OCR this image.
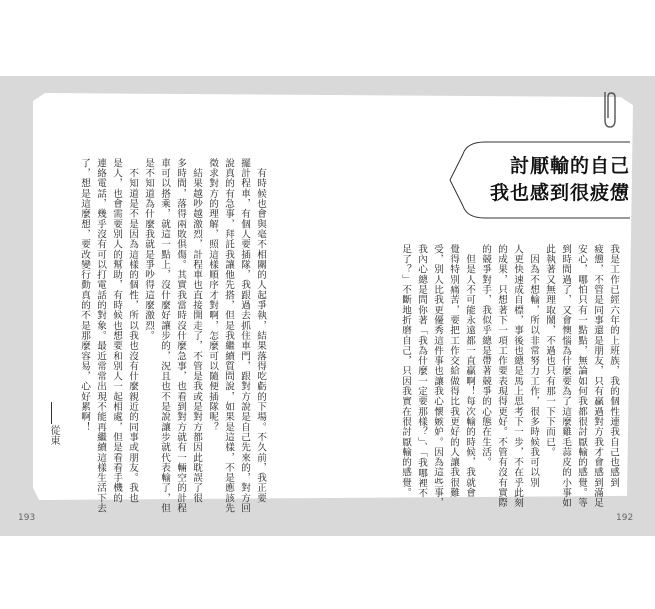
討厭輸的自己
我也感到很疲憊
我是工作已經六年的上班族，我的個性連我自己也感到
疲憊，不管是同事還是朋友，只有贏過對方我才會感到滿足
安心，哪怕只有一點點，無論如何我都很討厭輸的感覺。等
到時間過了，又會懊惱為什麼要為了這麼雞毛蒜皮的小事如
此執著又無理取鬧，不過也只有那一下下而已。
　因為不想輸，所以非常努力工作，很多時候我可以別
人更快速成自標，事後也總是馬上思考下一步，不在乎此刻
的成果，只想著下一項工作要表現得更好。不管有沒有實際
的競爭對手，我似乎總是帶著競爭的心態在生活。
　但是人不可能永遠都一直贏啊！每次輸的時候，我就會
覺得特別痛苦，要把工作交給做得比我更好的人讓我很難
受，別人比我更優秀這件事也讓我心懷嫉妒。因為這些事，
我內心總是問你著「我為什麼一定要那樣？」、「我哪裡不
足了？」不斷地折磨自己，只因我實在很討厭輸的感覺。
　有時候也會與毫不相關的人起爭執，結果落得吃虧的下場。不久前，我正要
擺計程車，有個人要插隊，我跟過去抓住車門，跟對方說是自己先來的，對方回
說真的有急事，拜託我讓他先搭，但是我繼續質問說，如果是這樣，不是應該先
徵求對方的理解，照這樣順序才對啊，怎麼可以隨便插隊呢？
　結果越吵越激烈，計程車也直接開走了，不管是我或是對方都因此耽誤了很
多時間，落得兩敗俱傷。其實我當時沒什麼急事，也看到對方就有一輛空的計程
車可以搭乘，就這一點上，沒什麼好讓步的，況且也不是說讓步就代表輸了，但
是不知道為什麼我就是爭吵得這麼激烈。
　不知道是不是因為這樣的個性，所以我也沒有什麼親近的同事或朋友。我也
是人，也會需要別人的幫助，有時候也想要和別人一起相處，但是看看手機的
連絡電話，幾乎沒有可以打電話的對象。最近常常出現不能再繼續這樣生活下去
了，想是這麼想，要改變行動真的不是那麼容易，心好累啊！
從東
193	192
